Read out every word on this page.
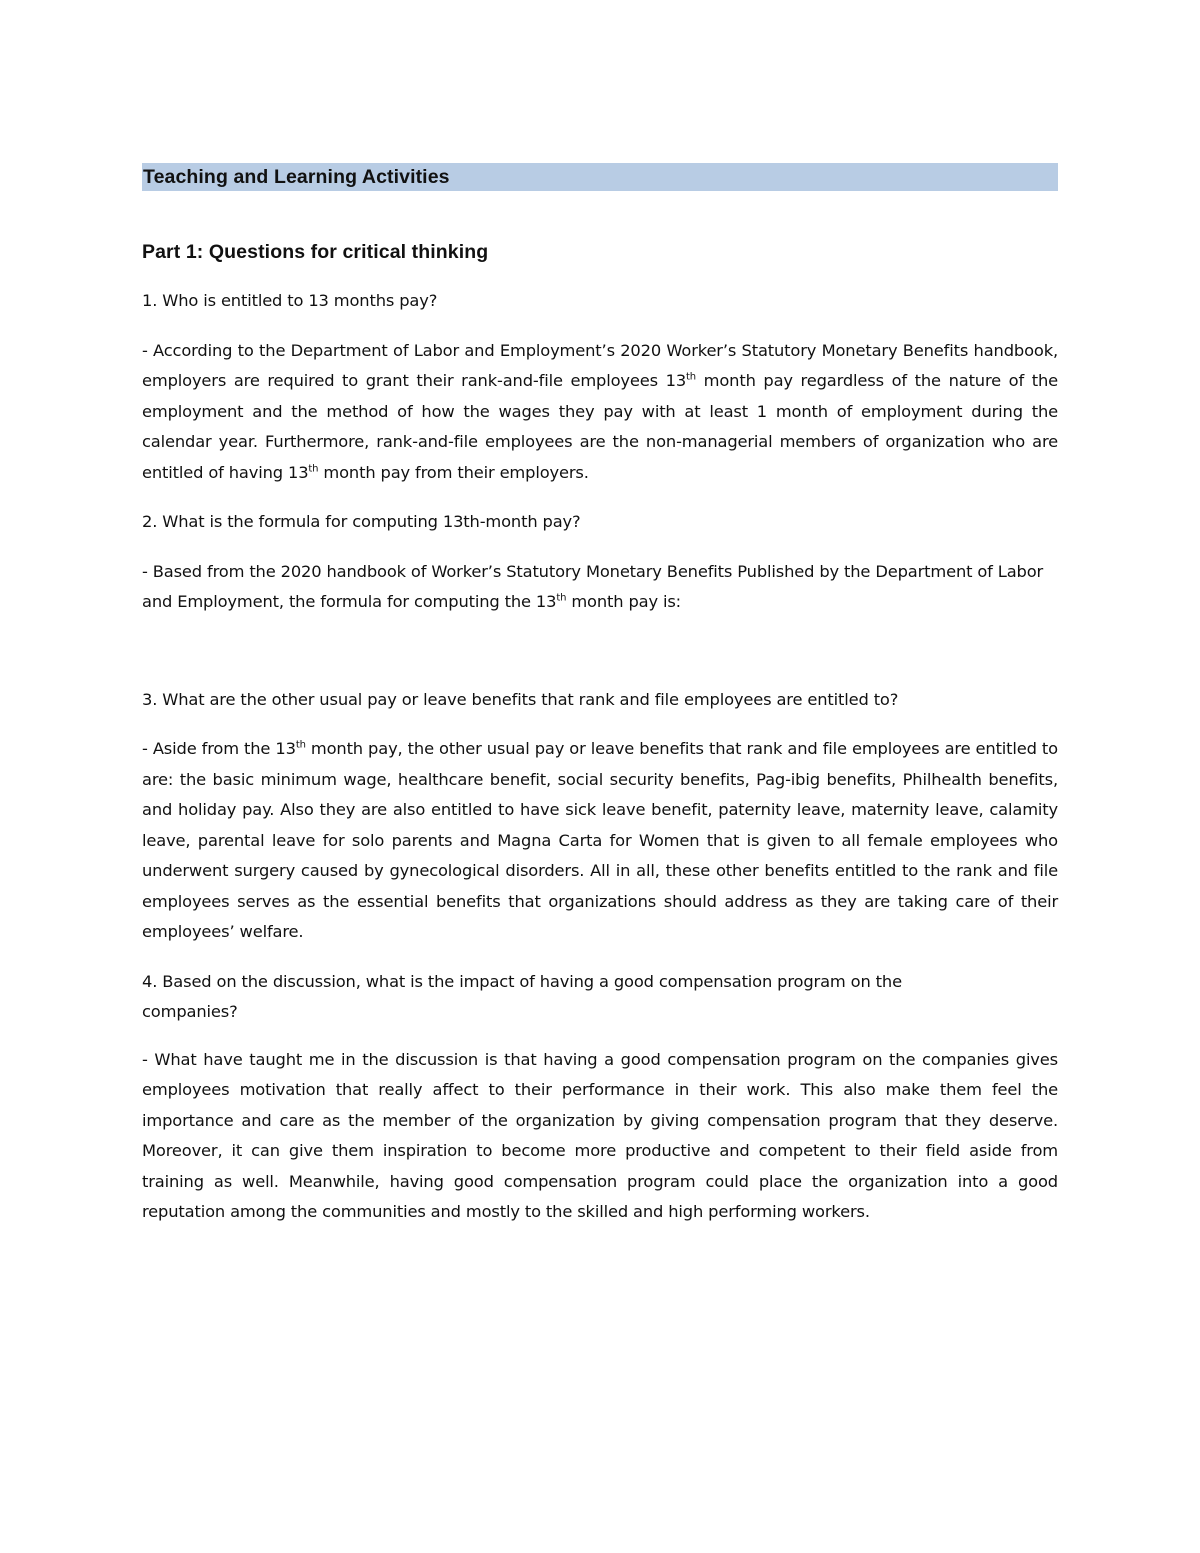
Teaching and Learning Activities
Part 1: Questions for critical thinking

1. Who is entitled to 13 months pay?

- According to the Department of Labor and Employment’s 2020 Worker’s Statutory Monetary Benefits handbook, employers are required to grant their rank-and-file employees 13th month pay regardless of the nature of the employment and the method of how the wages they pay with at least 1 month of employment during the calendar year. Furthermore, rank-and-file employees are the non-managerial members of organization who are entitled of having 13th month pay from their employers.

2. What is the formula for computing 13th-month pay?

- Based from the 2020 handbook of Worker’s Statutory Monetary Benefits Published by the Department of Labor and Employment, the formula for computing the 13th month pay is:

3. What are the other usual pay or leave benefits that rank and file employees are entitled to?

- Aside from the 13th month pay, the other usual pay or leave benefits that rank and file employees are entitled to are: the basic minimum wage, healthcare benefit, social security benefits, Pag-ibig benefits, Philhealth benefits, and holiday pay. Also they are also entitled to have sick leave benefit, paternity leave, maternity leave, calamity leave, parental leave for solo parents and Magna Carta for Women that is given to all female employees who underwent surgery caused by gynecological disorders. All in all, these other benefits entitled to the rank and file employees serves as the essential benefits that organizations should address as they are taking care of their employees’ welfare.

4. Based on the discussion, what is the impact of having a good compensation program on the companies?

- What have taught me in the discussion is that having a good compensation program on the companies gives employees motivation that really affect to their performance in their work. This also make them feel the importance and care as the member of the organization by giving compensation program that they deserve. Moreover, it can give them inspiration to become more productive and competent to their field aside from training as well. Meanwhile, having good compensation program could place the organization into a good reputation among the communities and mostly to the skilled and high performing workers.
